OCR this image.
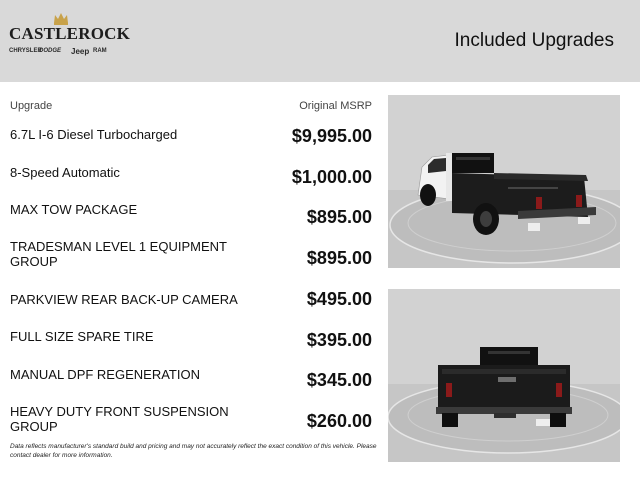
CASTLEROCK
CHRYSLER
DODGE Jeep RAM	Included Upgrades
Upgrade	Original MSRP
6.7L I-6 Diesel Turbocharged	$9,995.00
8-Speed Automatic	$1,000.00
MAX TOW PACKAGE	$895.00
TRADESMAN LEVEL 1 EQUIPMENT GROUP	$895.00
PARKVIEW REAR BACK-UP CAMERA	$495.00
FULL SIZE SPARE TIRE	$395.00
MANUAL DPF REGENERATION	$345.00
HEAVY DUTY FRONT SUSPENSION GROUP	$260.00
Data reflects manufacturer's standard build and pricing and may not accurately reflect the exact condition of this vehicle. Please contact dealer for more information.
